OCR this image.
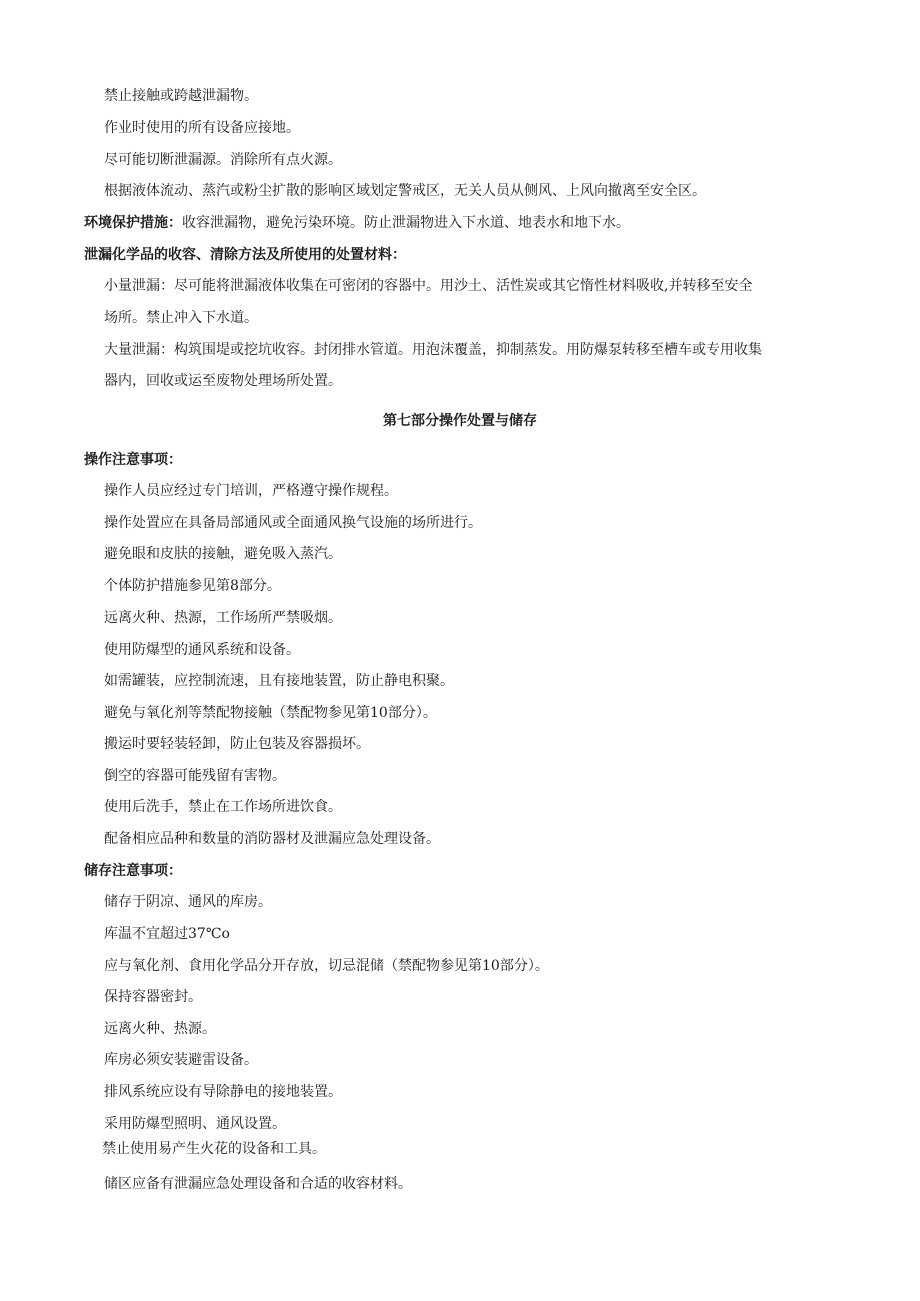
禁止接触或跨越泄漏物。
作业时使用的所有设备应接地。
尽可能切断泄漏源。消除所有点火源。
根据液体流动、蒸汽或粉尘扩散的影响区域划定警戒区，无关人员从侧风、上风向撤离至安全区。
环境保护措施：收容泄漏物，避免污染环境。防止泄漏物进入下水道、地表水和地下水。
泄漏化学品的收容、清除方法及所使用的处置材料：
小量泄漏：尽可能将泄漏液体收集在可密闭的容器中。用沙土、活性炭或其它惰性材料吸收,并转移至安全
场所。禁止冲入下水道。
大量泄漏：构筑围堤或挖坑收容。封闭排水管道。用泡沫覆盖，抑制蒸发。用防爆泵转移至槽车或专用收集
器内，回收或运至废物处理场所处置。
第七部分操作处置与储存
操作注意事项：
操作人员应经过专门培训，严格遵守操作规程。
操作处置应在具备局部通风或全面通风换气设施的场所进行。
避免眼和皮肤的接触，避免吸入蒸汽。
个体防护措施参见第8部分。
远离火种、热源，工作场所严禁吸烟。
使用防爆型的通风系统和设备。
如需罐装，应控制流速，且有接地装置，防止静电积聚。
避免与氧化剂等禁配物接触（禁配物参见第10部分）。
搬运时要轻装轻卸，防止包装及容器损坏。
倒空的容器可能残留有害物。
使用后洗手，禁止在工作场所进饮食。
配备相应品种和数量的消防器材及泄漏应急处理设备。
储存注意事项：
储存于阴凉、通风的库房。
库温不宜超过37℃o
应与氧化剂、食用化学品分开存放，切忌混储（禁配物参见第10部分）。
保持容器密封。
远离火种、热源。
库房必须安装避雷设备。
排风系统应设有导除静电的接地装置。
采用防爆型照明、通风设置。
禁止使用易产生火花的设备和工具。
储区应备有泄漏应急处理设备和合适的收容材料。
